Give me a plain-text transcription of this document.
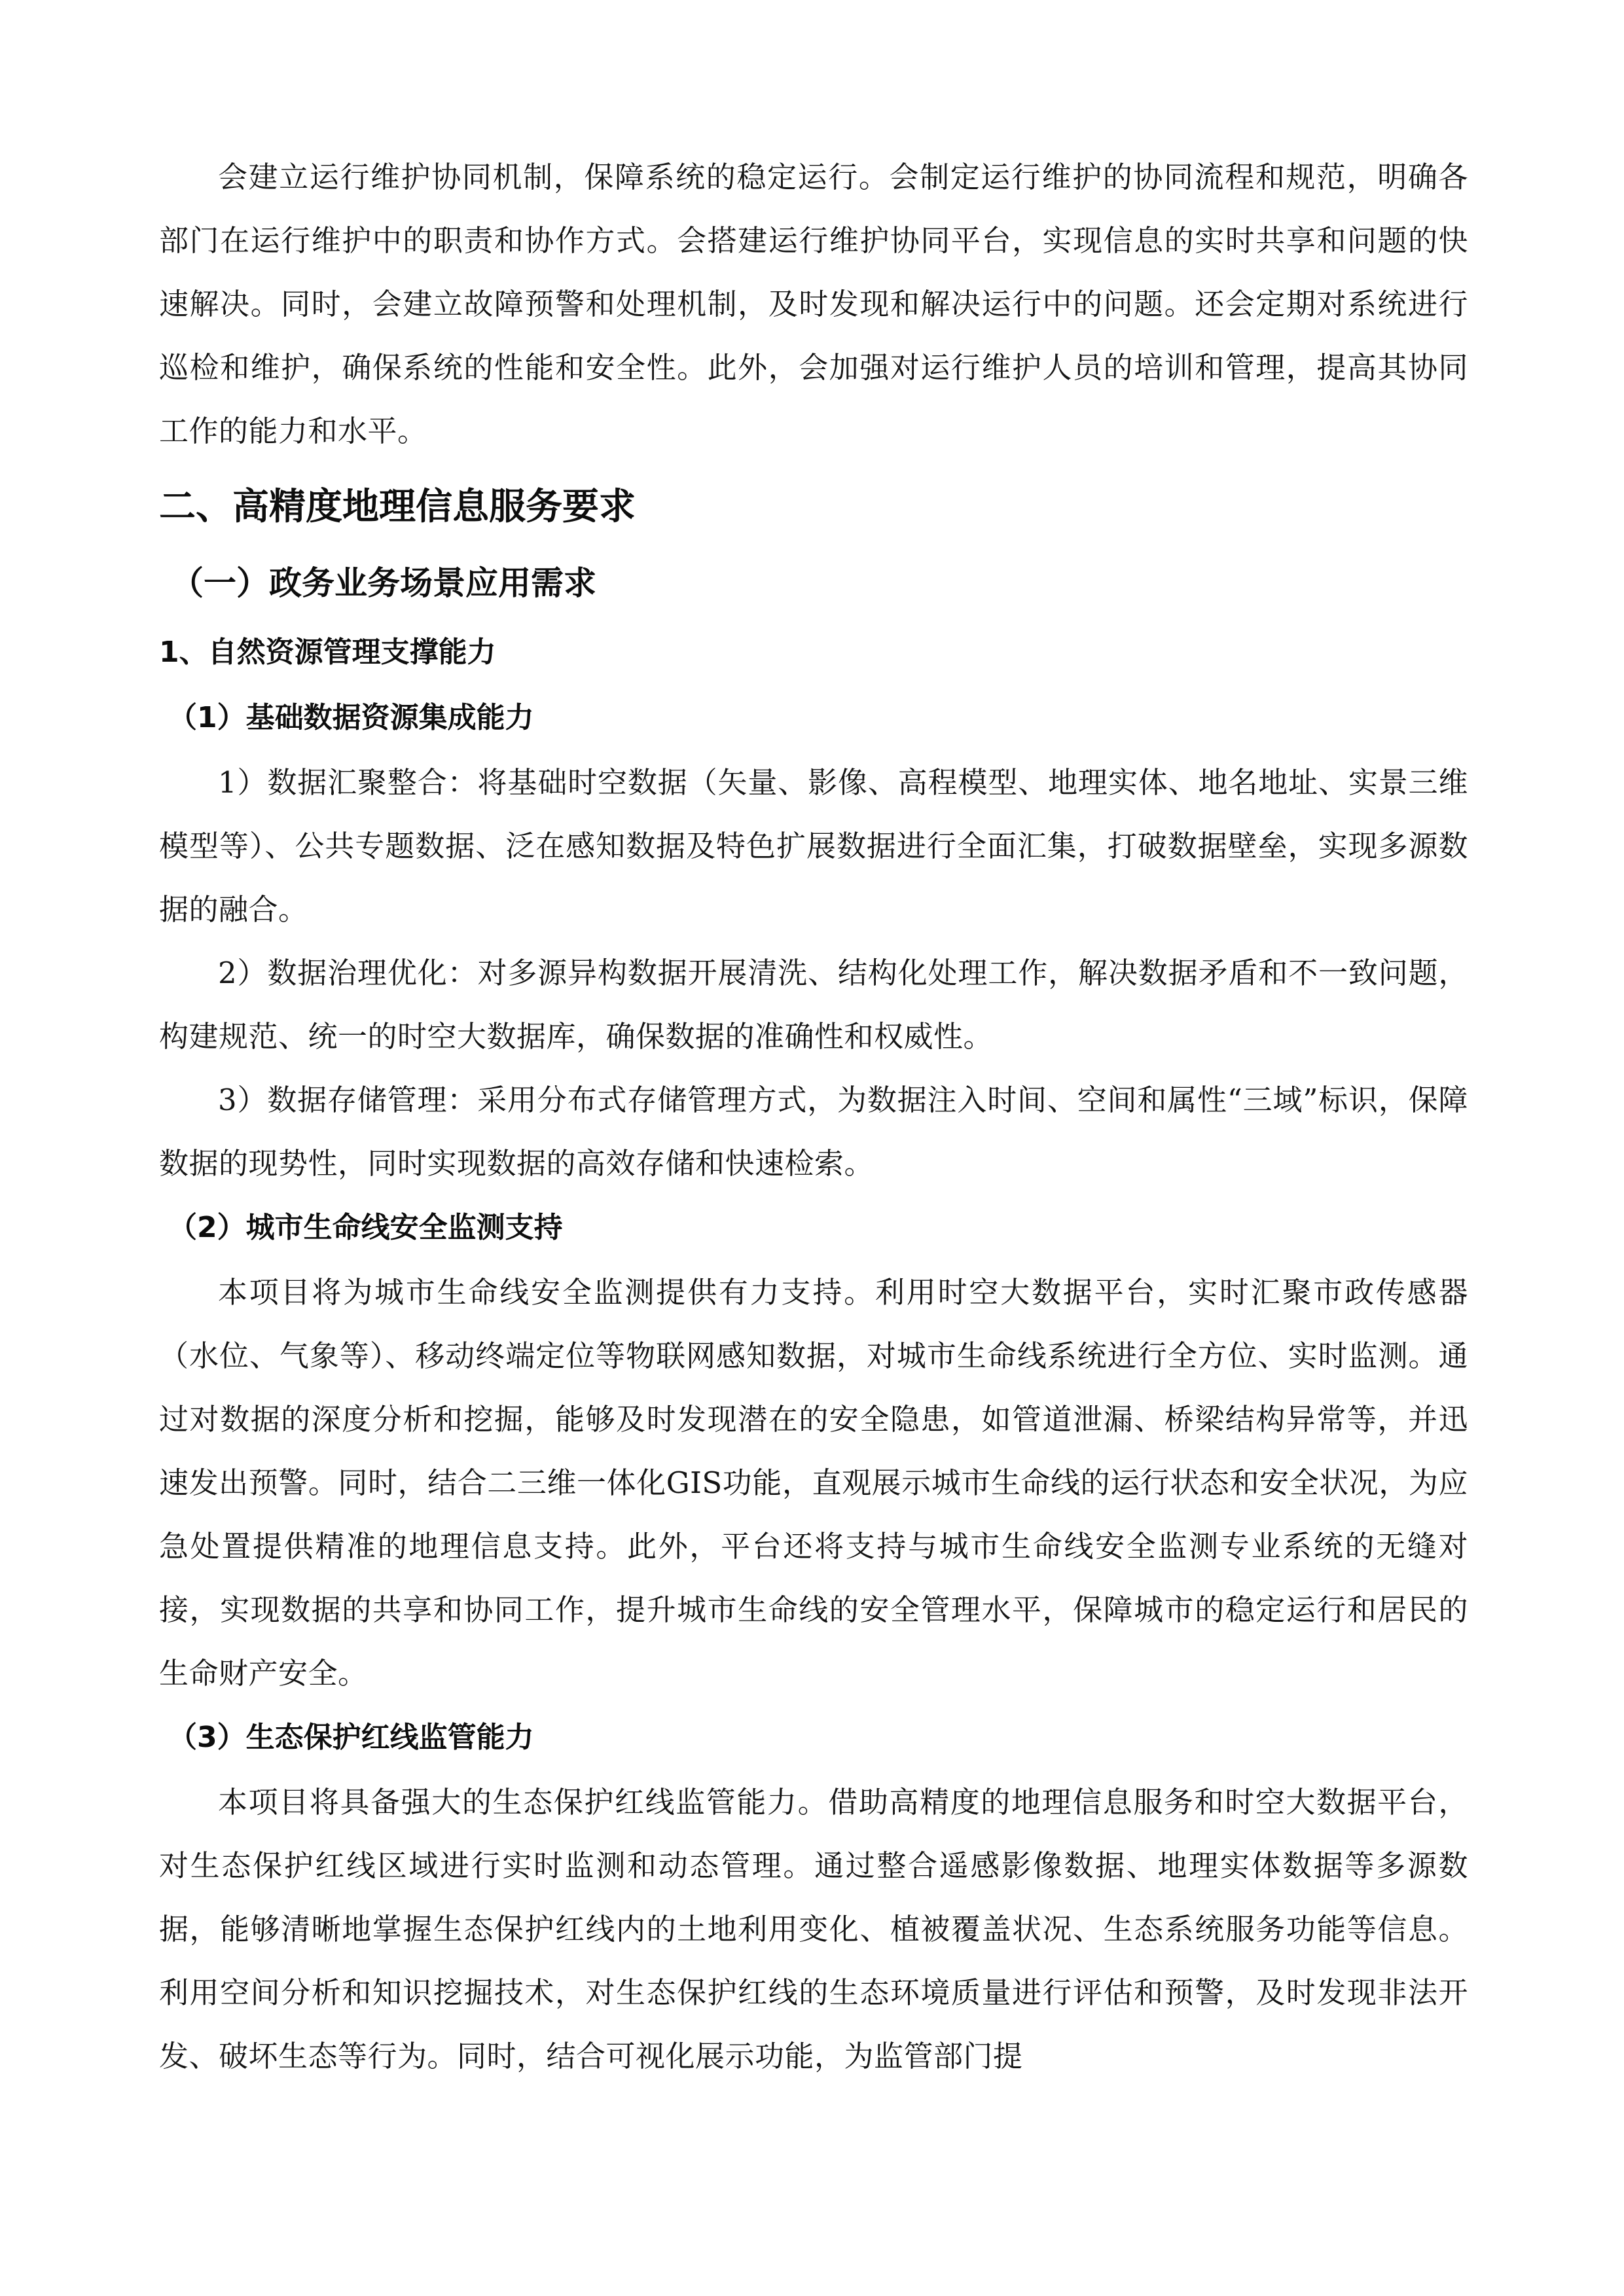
会建立运行维护协同机制，保障系统的稳定运行。会制定运行维护的协同流程和规范，明确各部门在运行维护中的职责和协作方式。会搭建运行维护协同平台，实现信息的实时共享和问题的快速解决。同时，会建立故障预警和处理机制，及时发现和解决运行中的问题。还会定期对系统进行巡检和维护，确保系统的性能和安全性。此外，会加强对运行维护人员的培训和管理，提高其协同工作的能力和水平。

二、高精度地理信息服务要求
（一）政务业务场景应用需求
1、自然资源管理支撑能力
（1）基础数据资源集成能力

1）数据汇聚整合：将基础时空数据（矢量、影像、高程模型、地理实体、地名地址、实景三维模型等）、公共专题数据、泛在感知数据及特色扩展数据进行全面汇集，打破数据壁垒，实现多源数据的融合。

2）数据治理优化：对多源异构数据开展清洗、结构化处理工作，解决数据矛盾和不一致问题，构建规范、统一的时空大数据库，确保数据的准确性和权威性。

3）数据存储管理：采用分布式存储管理方式，为数据注入时间、空间和属性“三域”标识，保障数据的现势性，同时实现数据的高效存储和快速检索。

（2）城市生命线安全监测支持

本项目将为城市生命线安全监测提供有力支持。利用时空大数据平台，实时汇聚市政传感器（水位、气象等）、移动终端定位等物联网感知数据，对城市生命线系统进行全方位、实时监测。通过对数据的深度分析和挖掘，能够及时发现潜在的安全隐患，如管道泄漏、桥梁结构异常等，并迅速发出预警。同时，结合二三维一体化GIS功能，直观展示城市生命线的运行状态和安全状况，为应急处置提供精准的地理信息支持。此外，平台还将支持与城市生命线安全监测专业系统的无缝对接，实现数据的共享和协同工作，提升城市生命线的安全管理水平，保障城市的稳定运行和居民的生命财产安全。

（3）生态保护红线监管能力

本项目将具备强大的生态保护红线监管能力。借助高精度的地理信息服务和时空大数据平台，对生态保护红线区域进行实时监测和动态管理。通过整合遥感影像数据、地理实体数据等多源数据，能够清晰地掌握生态保护红线内的土地利用变化、植被覆盖状况、生态系统服务功能等信息。利用空间分析和知识挖掘技术，对生态保护红线的生态环境质量进行评估和预警，及时发现非法开发、破坏生态等行为。同时，结合可视化展示功能，为监管部门提
